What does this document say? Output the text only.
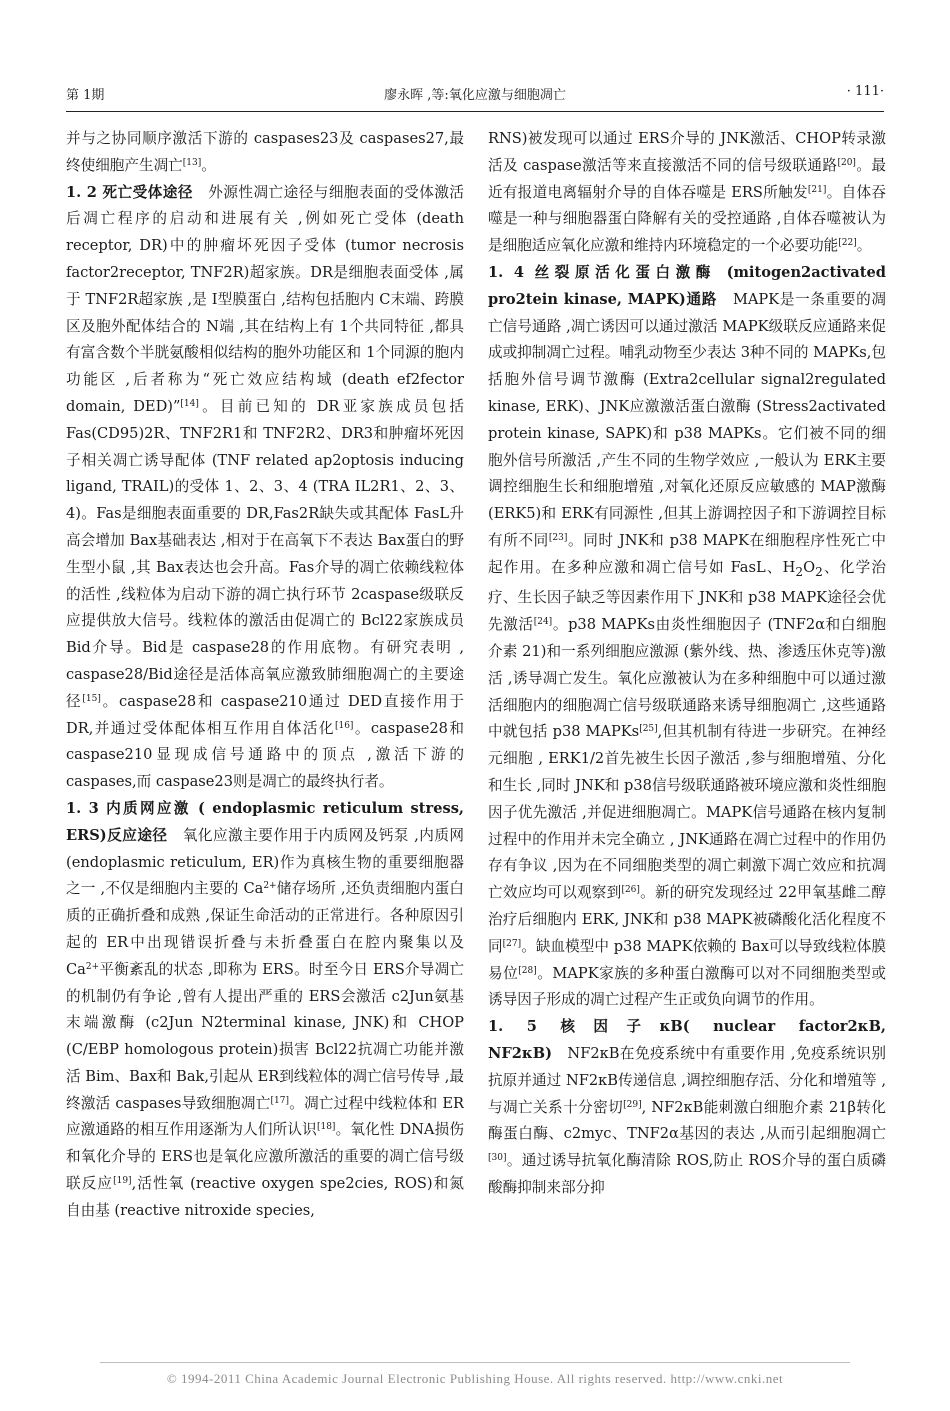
第 1期	廖永晖 ,等:氧化应激与细胞凋亡	· 111·

并与之协同顺序激活下游的 caspases23及 caspases27,最终使细胞产生凋亡[13]。

1. 2 死亡受体途径 外源性凋亡途径与细胞表面的受体激活后凋亡程序的启动和进展有关 ,例如死亡受体 (death receptor, DR)中的肿瘤坏死因子受体 (tumor necrosis factor2receptor, TNF2R)超家族。DR是细胞表面受体 ,属于 TNF2R超家族 ,是 Ⅰ型膜蛋白 ,结构包括胞内 C末端、跨膜区及胞外配体结合的 N端 ,其在结构上有 1个共同特征 ,都具有富含数个半胱氨酸相似结构的胞外功能区和 1个同源的胞内功能区 ,后者称为“死亡效应结构域 (death ef2fector domain, DED)”[14]。目前已知的 DR亚家族成员包括 Fas(CD95)2R、TNF2R1和 TNF2R2、DR3和肿瘤坏死因子相关凋亡诱导配体 (TNF related ap2optosis inducing ligand, TRAIL)的受体 1、2、3、4 (TRA IL2R1、2、3、4)。Fas是细胞表面重要的 DR,Fas2R缺失或其配体 FasL升高会增加 Bax基础表达 ,相对于在高氧下不表达 Bax蛋白的野生型小鼠 ,其 Bax表达也会升高。Fas介导的凋亡依赖线粒体的活性 ,线粒体为启动下游的凋亡执行环节 2caspase级联反应提供放大信号。线粒体的激活由促凋亡的 Bcl22家族成员 Bid介导。Bid是 caspase28的作用底物。有研究表明 , caspase28/Bid途径是活体高氧应激致肺细胞凋亡的主要途径[15]。caspase28和 caspase210通过 DED直接作用于 DR,并通过受体配体相互作用自体活化[16]。caspase28和 caspase210显现成信号通路中的顶点 ,激活下游的 caspases,而 caspase23则是凋亡的最终执行者。

1. 3 内质网应激 ( endoplasmic reticulum stress, ERS)反应途径 氧化应激主要作用于内质网及钙泵 ,内质网 (endoplasmic reticulum, ER)作为真核生物的重要细胞器之一 ,不仅是细胞内主要的 $Ca^{2+}$储存场所 ,还负责细胞内蛋白质的正确折叠和成熟 ,保证生命活动的正常进行。各种原因引起的 ER中出现错误折叠与未折叠蛋白在腔内聚集以及 $Ca^{2+}$平衡紊乱的状态 ,即称为 ERS。时至今日 ERS介导凋亡的机制仍有争论 ,曾有人提出严重的 ERS会激活 c2Jun氨基末端激酶 (c2Jun N2terminal kinase, JNK)和 CHOP (C/EBP homologous protein)损害 Bcl22抗凋亡功能并激活 Bim、Bax和 Bak,引起从 ER到线粒体的凋亡信号传导 ,最终激活 caspases导致细胞凋亡[17]。凋亡过程中线粒体和 ER应激通路的相互作用逐渐为人们所认识[18]。氧化性 DNA损伤和氧化介导的 ERS也是氧化应激所激活的重要的凋亡信号级联反应[19],活性氧 (reactive oxygen spe2cies, ROS)和氮自由基 (reactive nitroxide species,

RNS)被发现可以通过 ERS介导的 JNK激活、CHOP转录激活及 caspase激活等来直接激活不同的信号级联通路[20]。最近有报道电离辐射介导的自体吞噬是 ERS所触发[21]。自体吞噬是一种与细胞器蛋白降解有关的受控通路 ,自体吞噬被认为是细胞适应氧化应激和维持内环境稳定的一个必要功能[22]。

1. 4 丝裂原活化蛋白激酶 (mitogen2activated pro2tein kinase, MAPK)通路 MAPK是一条重要的凋亡信号通路 ,凋亡诱因可以通过激活 MAPK级联反应通路来促成或抑制凋亡过程。哺乳动物至少表达 3种不同的 MAPKs,包括胞外信号调节激酶 (Extra2cellular signal2regulated kinase, ERK)、JNK应激激活蛋白激酶 (Stress2activated protein kinase, SAPK)和 p38 MAPKs。它们被不同的细胞外信号所激活 ,产生不同的生物学效应 ,一般认为 ERK主要调控细胞生长和细胞增殖 ,对氧化还原反应敏感的 MAP激酶 (ERK5)和 ERK有同源性 ,但其上游调控因子和下游调控目标有所不同[23]。同时 JNK和 p38 MAPK在细胞程序性死亡中起作用。在多种应激和凋亡信号如 FasL、$H_2O_2$、化学治疗、生长因子缺乏等因素作用下 JNK和 p38 MAPK途径会优先激活[24]。p38 MAPKs由炎性细胞因子 (TNF2α和白细胞介素 21)和一系列细胞应激源 (紫外线、热、渗透压休克等)激活 ,诱导凋亡发生。氧化应激被认为在多种细胞中可以通过激活细胞内的细胞凋亡信号级联通路来诱导细胞凋亡 ,这些通路中就包括 p38 MAPKs[25],但其机制有待进一步研究。在神经元细胞 , ERK1/2首先被生长因子激活 ,参与细胞增殖、分化和生长 ,同时 JNK和 p38信号级联通路被环境应激和炎性细胞因子优先激活 ,并促进细胞凋亡。MAPK信号通路在核内复制过程中的作用并未完全确立 , JNK通路在凋亡过程中的作用仍存有争议 ,因为在不同细胞类型的凋亡刺激下凋亡效应和抗凋亡效应均可以观察到[26]。新的研究发现经过 22甲氧基雌二醇治疗后细胞内 ERK, JNK和 p38 MAPK被磷酸化活化程度不同[27]。缺血模型中 p38 MAPK依赖的 Bax可以导致线粒体膜易位[28]。MAPK家族的多种蛋白激酶可以对不同细胞类型或诱导因子形成的凋亡过程产生正或负向调节的作用。

1. 5 核因子κB( nuclear factor2κB, NF2κB) NF2κB在免疫系统中有重要作用 ,免疫系统识别抗原并通过 NF2κB传递信息 ,调控细胞存活、分化和增殖等 ,与凋亡关系十分密切[29], NF2κB能刺激白细胞介素 21β转化酶蛋白酶、c2myc、TNF2α基因的表达 ,从而引起细胞凋亡[30]。通过诱导抗氧化酶清除 ROS,防止 ROS介导的蛋白质磷酸酶抑制来部分抑

© 1994-2011 China Academic Journal Electronic Publishing House. All rights reserved. http://www.cnki.net
